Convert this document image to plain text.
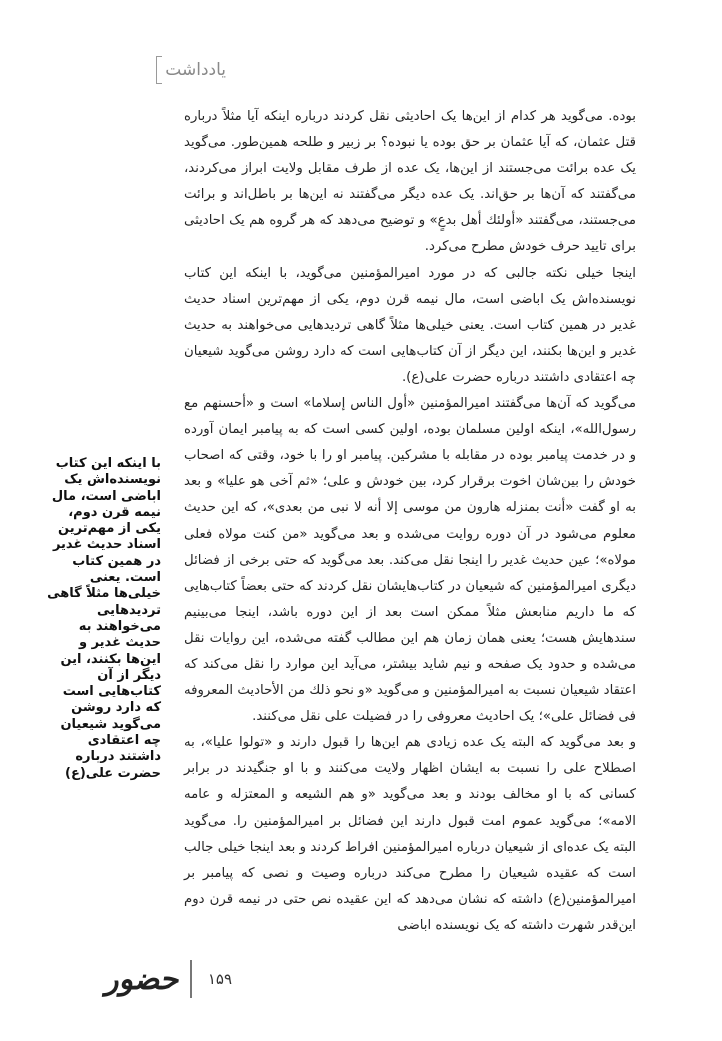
یادداشت

بوده. می‌گوید هر کدام از این‌ها یک احادیثی نقل کردند درباره اینکه آیا مثلاً درباره قتل عثمان، که آیا عثمان بر حق بوده یا نبوده؟ بر زبیر و طلحه همین‌طور. می‌گوید یک عده برائت می‌جستند از این‌ها، یک عده از طرف مقابل ولایت ابراز می‌کردند، می‌گفتند که آن‌ها بر حق‌اند. یک عده دیگر می‌گفتند نه این‌ها بر باطل‌اند و برائت می‌جستند، می‌گفتند «أولئك أهل بدعٍ» و توضیح می‌دهد که هر گروه هم یک احادیثی برای تایید حرف خودش مطرح می‌کرد.

اینجا خیلی نکته جالبی که در مورد امیرالمؤمنین می‌گوید، با اینکه این کتاب نویسنده‌اش یک اباضی است، مال نیمه قرن دوم، یکی از مهم‌ترین اسناد حدیث غدیر در همین کتاب است. یعنی خیلی‌ها مثلاً گاهی تردیدهایی می‌خواهند به حدیث غدیر و این‌ها بکنند، این دیگر از آن کتاب‌هایی است که دارد روشن می‌گوید شیعیان چه اعتقادی داشتند درباره حضرت علی(ع).

می‌گوید که آن‌ها می‌گفتند امیرالمؤمنین «أول الناس إسلاما» است و «أحسنهم مع رسول‌الله»، اینکه اولین مسلمان بوده، اولین کسی است که به پیامبر ایمان آورده و در خدمت پیامبر بوده در مقابله با مشرکین. پیامبر او را با خود، وقتی که اصحاب خودش را بین‌شان اخوت برقرار کرد، بین خودش و علی؛ «ثم آخی هو علیا» و بعد به او گفت «أنت بمنزله هارون من موسی إلا أنه لا نبی من بعدی»، که این حدیث معلوم می‌شود در آن دوره روایت می‌شده و بعد می‌گوید «من کنت مولاه فعلی مولاه»؛ عین حدیث غدیر را اینجا نقل می‌کند. بعد می‌گوید که حتی برخی از فضائل دیگری امیرالمؤمنین که شیعیان در کتاب‌هایشان نقل کردند که حتی بعضاً کتاب‌هایی که ما داریم منابعش مثلاً ممکن است بعد از این دوره باشد، اینجا می‌بینیم سندهایش هست؛ یعنی همان زمان هم این مطالب گفته می‌شده، این روایات نقل می‌شده و حدود یک صفحه و نیم شاید بیشتر، می‌آید این موارد را نقل می‌کند که اعتقاد شیعیان نسبت به امیرالمؤمنین و می‌گوید «و نحو ذلك من الأحادیث المعروفه فی فضائل علی»؛ یک احادیث معروفی را در فضیلت علی نقل می‌کنند.

و بعد می‌گوید که البته یک عده زیادی هم این‌ها را قبول دارند و «تولوا علیا»، به اصطلاح علی را نسبت به ایشان اظهار ولایت می‌کنند و با او جنگیدند در برابر کسانی که با او مخالف بودند و بعد می‌گوید «و هم الشیعه و المعتزله و عامه الامه»؛ می‌گوید عموم امت قبول دارند این فضائل بر امیرالمؤمنین را. می‌گوید البته یک عده‌ای از شیعیان درباره امیرالمؤمنین افراط کردند و بعد اینجا خیلی جالب است که عقیده شیعیان را مطرح می‌کند درباره وصیت و نصی که پیامبر بر امیرالمؤمنین(ع) داشته که نشان می‌دهد که این عقیده نص حتی در نیمه قرن دوم این‌قدر شهرت داشته که یک نویسنده اباضی

با اینکه این کتاب نویسنده‌اش یک اباضی است، مال نیمه قرن دوم، یکی از مهم‌ترین اسناد حدیث غدیر در همین کتاب است. یعنی خیلی‌ها مثلاً گاهی تردیدهایی می‌خواهند به حدیث غدیر و این‌ها بکنند، این دیگر از آن کتاب‌هایی است که دارد روشن می‌گوید شیعیان چه اعتقادی داشتند درباره حضرت علی(ع)
۱۵۹
حضور
